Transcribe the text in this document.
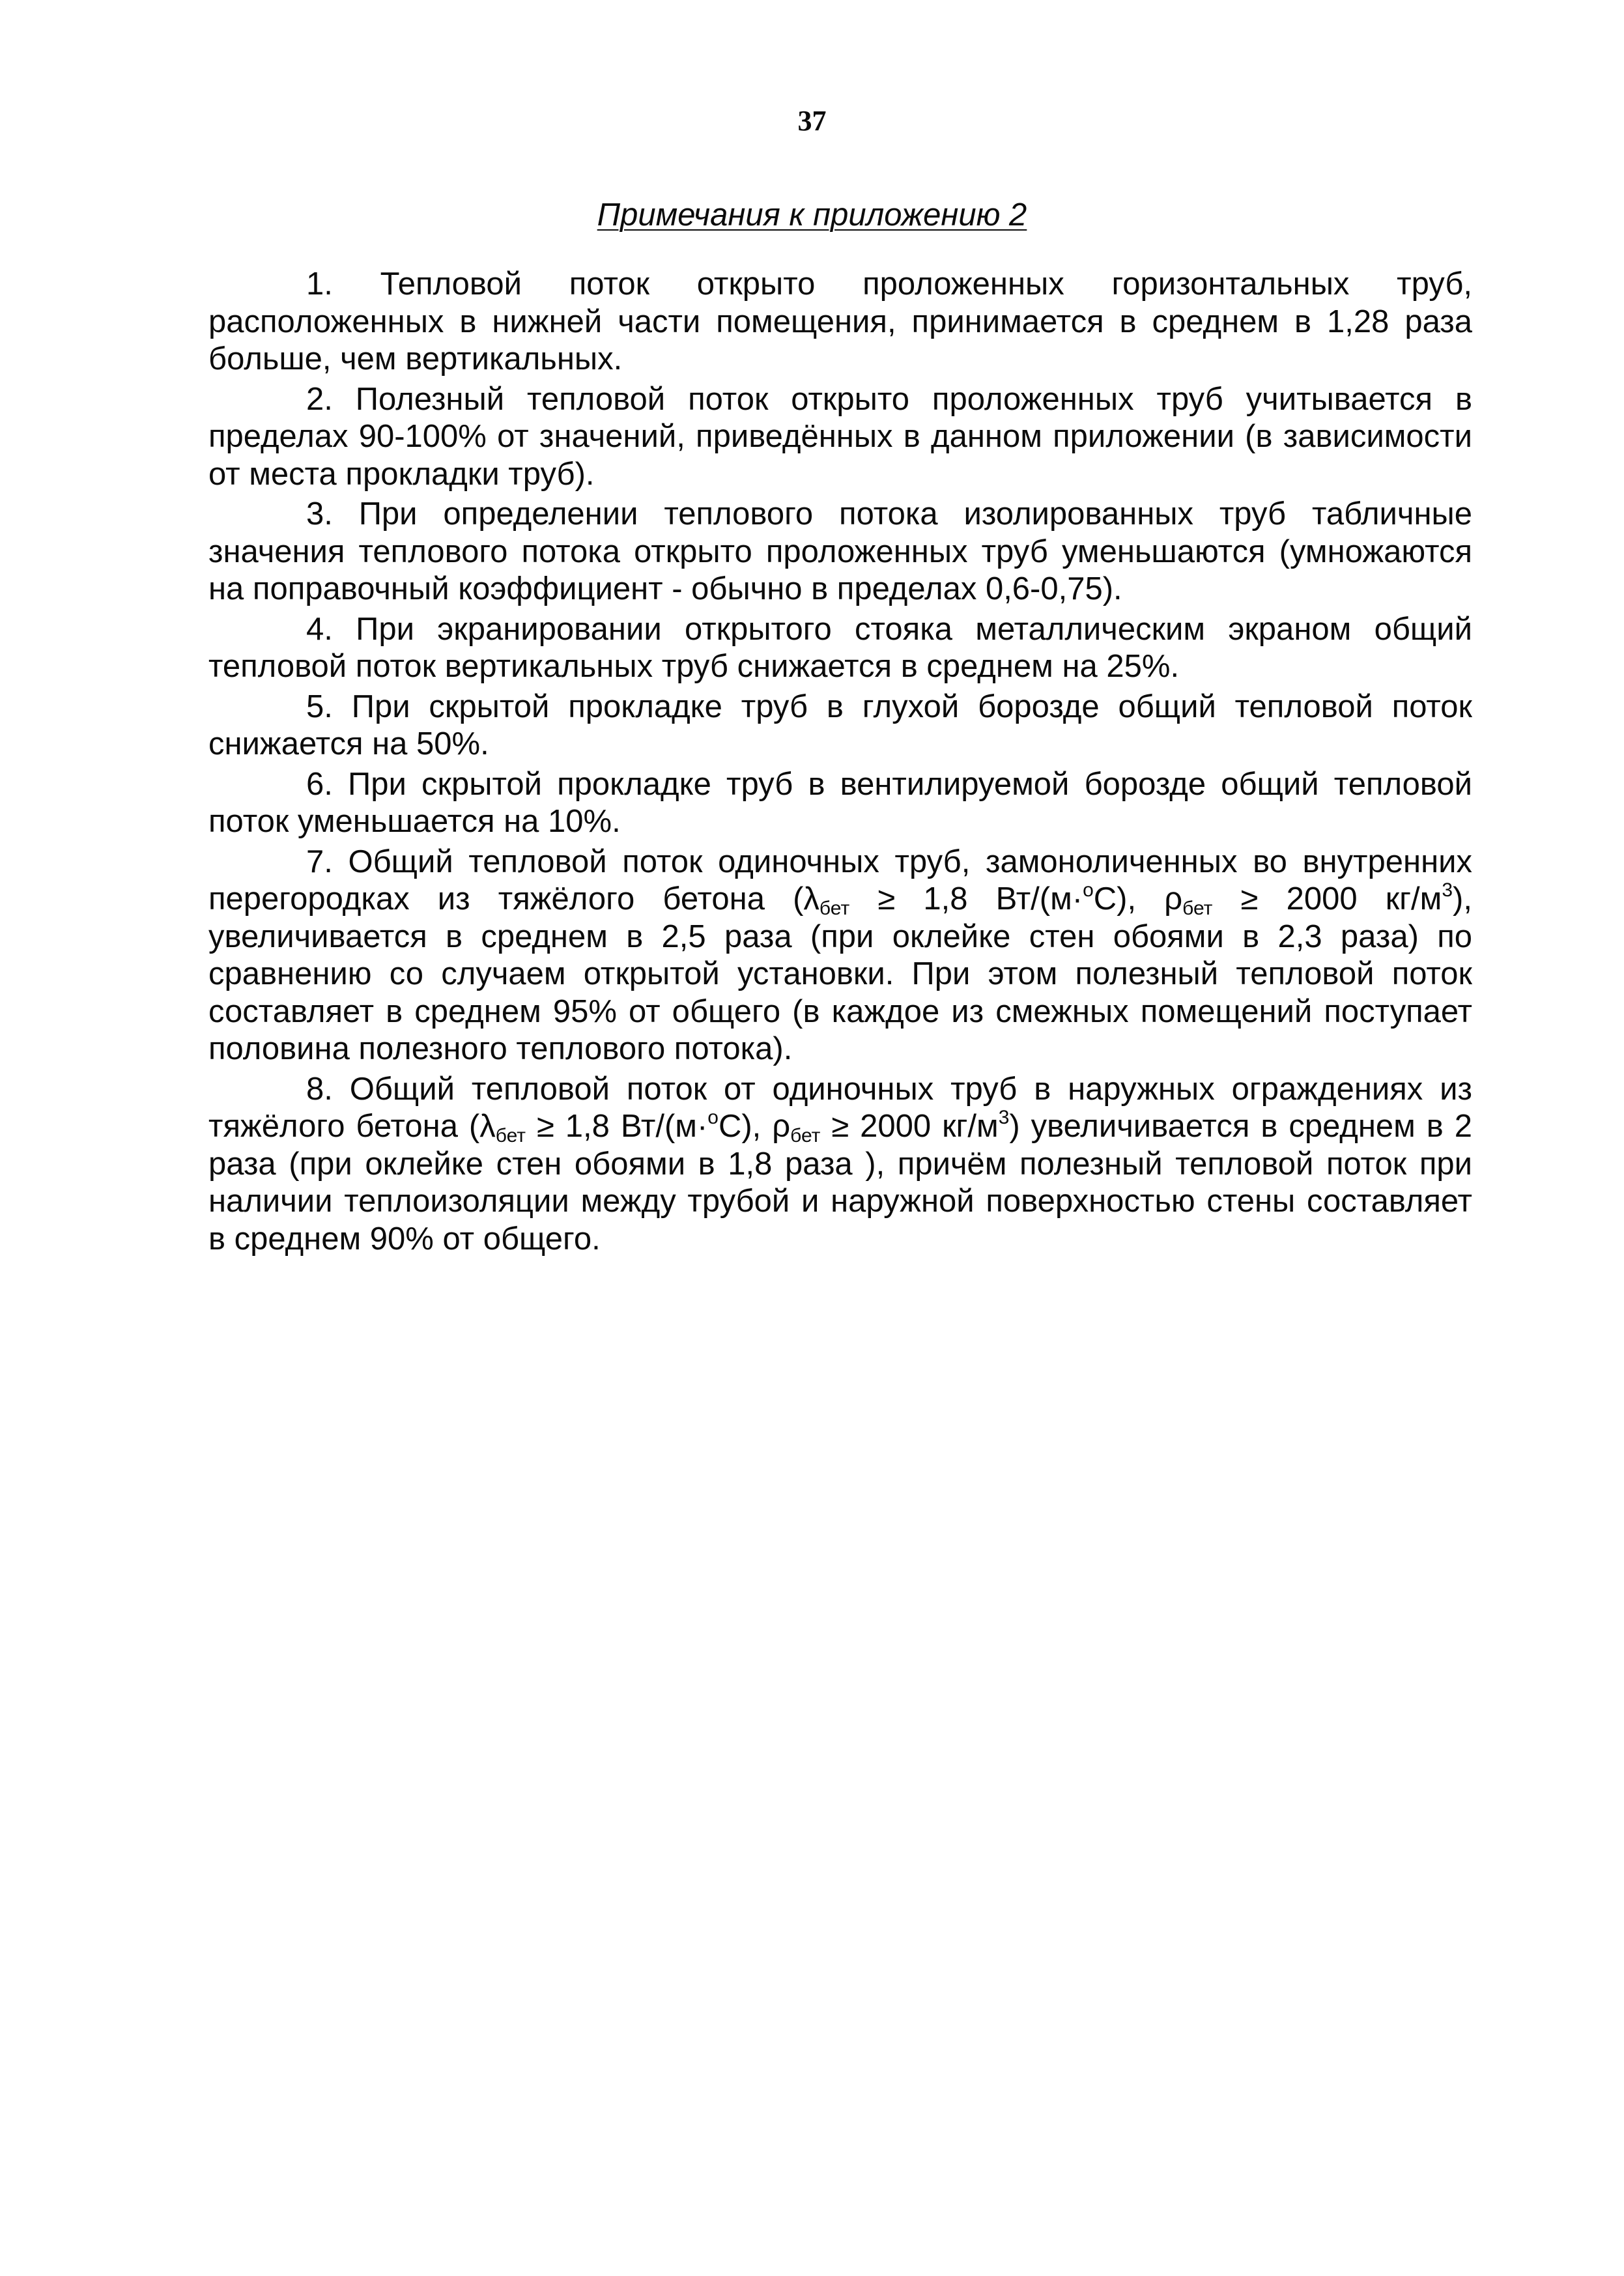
37
Примечания к приложению 2

1. Тепловой поток открыто проложенных горизонтальных труб, расположенных в нижней части помещения, принимается в среднем в 1,28 раза больше, чем вертикальных.

2. Полезный тепловой поток открыто проложенных труб учитывается в пределах 90-100% от значений, приведённых в данном приложении (в зависимости от места прокладки труб).

3. При определении теплового потока изолированных труб табличные значения теплового потока открыто проложенных труб уменьшаются (умножаются на поправочный коэффициент - обычно в пределах 0,6-0,75).

4. При экранировании открытого стояка металлическим экраном общий тепловой поток вертикальных труб снижается в среднем на 25%.

5. При скрытой прокладке труб в глухой борозде общий тепловой поток снижается на 50%.

6. При скрытой прокладке труб в вентилируемой борозде общий тепловой поток уменьшается на 10%.

7. Общий тепловой поток одиночных труб, замоноличенных во внутренних перегородках из тяжёлого бетона ($\lambda_{бет} \ge 1,8$ Вт/(м·$^о$С), $\rho_{бет} \ge 2000$ $кг/м^3$), увеличивается в среднем в 2,5 раза (при оклейке стен обоями в 2,3 раза) по сравнению со случаем открытой установки. При этом полезный тепловой поток составляет в среднем 95% от общего (в каждое из смежных помещений поступает половина полезного теплового потока).

8. Общий тепловой поток от одиночных труб в наружных ограждениях из тяжёлого бетона ($\lambda_{бет} \ge 1,8$ Вт/(м·$^о$С), $\rho_{бет} \ge 2000$ $кг/м^3$) увеличивается в среднем в 2 раза (при оклейке стен обоями в 1,8 раза ), причём полезный тепловой поток при наличии теплоизоляции между трубой и наружной поверхностью стены составляет в среднем 90% от общего.
